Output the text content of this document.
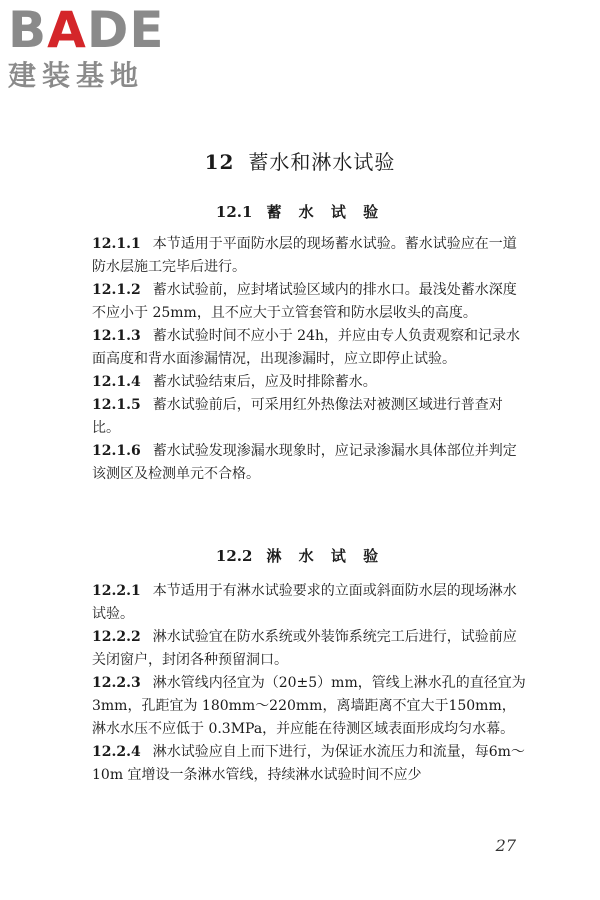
BADE
建装基地
12 蓄水和淋水试验
12.1 蓄 水 试 验
12.1.1 本节适用于平面防水层的现场蓄水试验。蓄水试验应在一道防水层施工完毕后进行。
12.1.2 蓄水试验前，应封堵试验区域内的排水口。最浅处蓄水深度不应小于 25mm，且不应大于立管套管和防水层收头的高度。
12.1.3 蓄水试验时间不应小于 24h，并应由专人负责观察和记录水面高度和背水面渗漏情况，出现渗漏时，应立即停止试验。
12.1.4 蓄水试验结束后，应及时排除蓄水。
12.1.5 蓄水试验前后，可采用红外热像法对被测区域进行普查对比。
12.1.6 蓄水试验发现渗漏水现象时，应记录渗漏水具体部位并判定该测区及检测单元不合格。
12.2 淋 水 试 验
12.2.1 本节适用于有淋水试验要求的立面或斜面防水层的现场淋水试验。
12.2.2 淋水试验宜在防水系统或外装饰系统完工后进行，试验前应关闭窗户，封闭各种预留洞口。
12.2.3 淋水管线内径宜为（20±5）mm，管线上淋水孔的直径宜为 3mm，孔距宜为 180mm～220mm，离墙距离不宜大于150mm，淋水水压不应低于 0.3MPa，并应能在待测区域表面形成均匀水幕。
12.2.4 淋水试验应自上而下进行，为保证水流压力和流量，每6m～10m 宜增设一条淋水管线，持续淋水试验时间不应少
27
